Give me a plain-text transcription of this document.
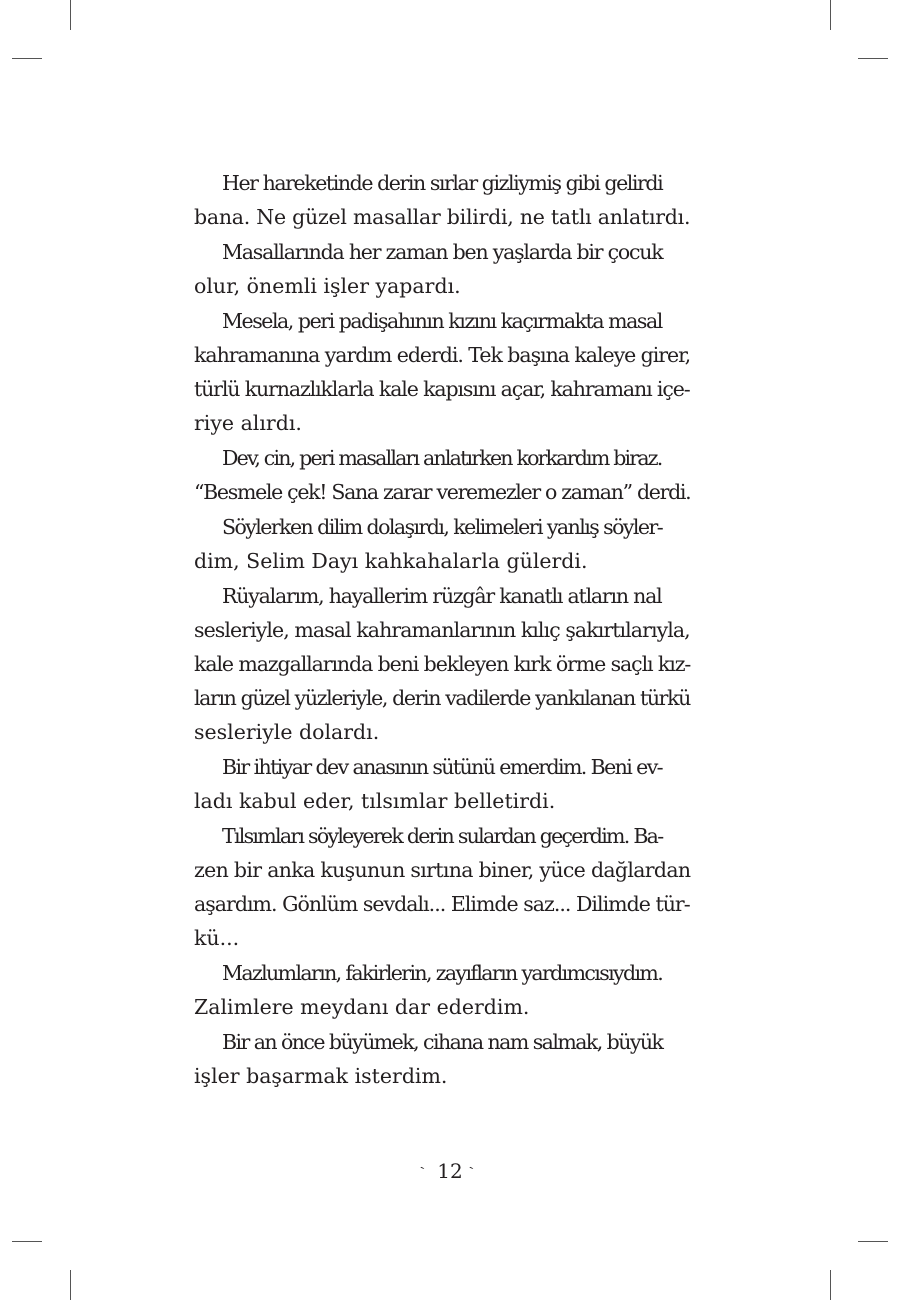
Her hareketinde derin sırlar gizliymiş gibi gelirdi
bana. Ne güzel masallar bilirdi, ne tatlı anlatırdı.

Masallarında her zaman ben yaşlarda bir çocuk
olur, önemli işler yapardı.

Mesela, peri padişahının kızını kaçırmakta masal
kahramanına yardım ederdi. Tek başına kaleye girer,
türlü kurnazlıklarla kale kapısını açar, kahramanı içe-
riye alırdı.

Dev, cin, peri masalları anlatırken korkardım biraz.
“Besmele çek! Sana zarar veremezler o zaman” derdi.

Söylerken dilim dolaşırdı, kelimeleri yanlış söyler-
dim, Selim Dayı kahkahalarla gülerdi.

Rüyalarım, hayallerim rüzgâr kanatlı atların nal
sesleriyle, masal kahramanlarının kılıç şakırtılarıyla,
kale mazgallarında beni bekleyen kırk örme saçlı kız-
ların güzel yüzleriyle, derin vadilerde yankılanan türkü
sesleriyle dolardı.

Bir ihtiyar dev anasının sütünü emerdim. Beni ev-
ladı kabul eder, tılsımlar belletirdi.

Tılsımları söyleyerek derin sulardan geçerdim. Ba-
zen bir anka kuşunun sırtına biner, yüce dağlardan
aşardım. Gönlüm sevdalı... Elimde saz... Dilimde tür-
kü...

Mazlumların, fakirlerin, zayıfların yardımcısıydım.
Zalimlere meydanı dar ederdim.

Bir an önce büyümek, cihana nam salmak, büyük
işler başarmak isterdim.

ˋ 12 ˋ
